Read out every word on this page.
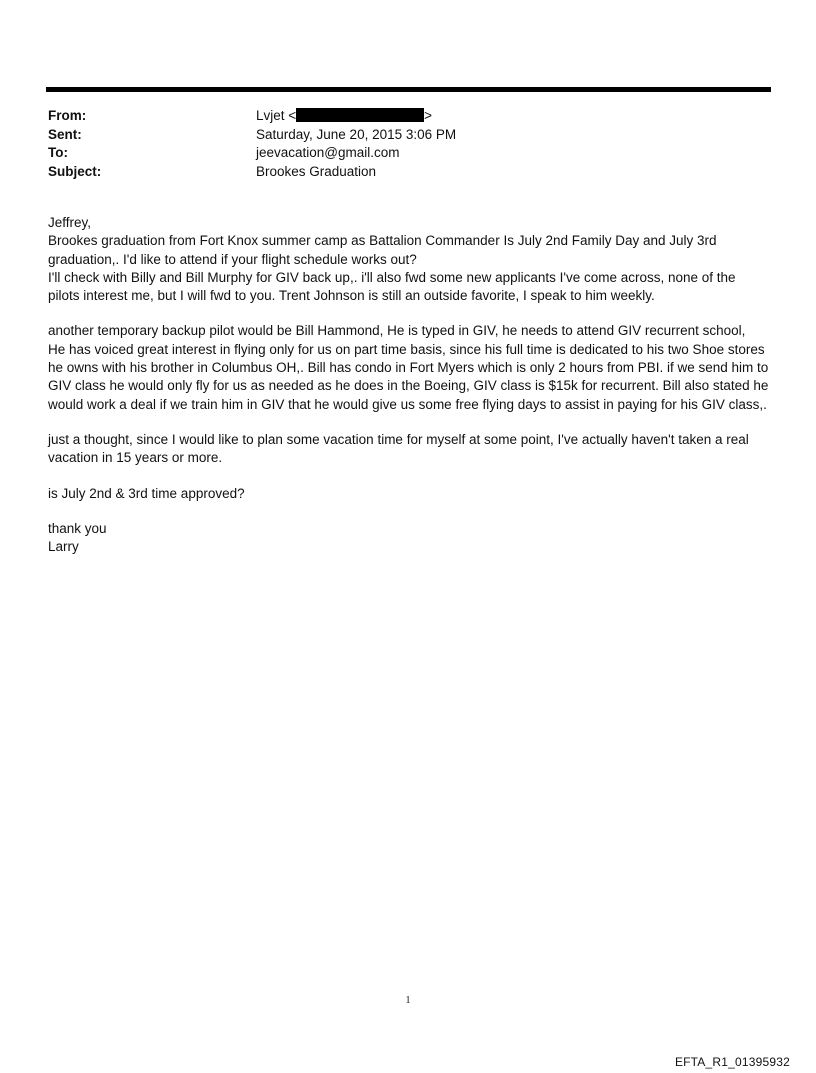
From:	Lvjet <	>
Sent:	Saturday, June 20, 2015 3:06 PM
To:	jeevacation@gmail.com
Subject:	Brookes Graduation

Jeffrey,
Brookes graduation from Fort Knox summer camp as Battalion Commander Is July 2nd Family Day and July 3rd
graduation,. I'd like to attend if your flight schedule works out?
I'll check with Billy and Bill Murphy for GIV back up,. i'll also fwd some new applicants I've come across, none of the
pilots interest me, but I will fwd to you. Trent Johnson is still an outside favorite, I speak to him weekly.

another temporary backup pilot would be Bill Hammond, He is typed in GIV, he needs to attend GIV recurrent school,
He has voiced great interest in flying only for us on part time basis, since his full time is dedicated to his two Shoe stores
he owns with his brother in Columbus OH,. Bill has condo in Fort Myers which is only 2 hours from PBI. if we send him to
GIV class he would only fly for us as needed as he does in the Boeing, GIV class is $15k for recurrent. Bill also stated he
would work a deal if we train him in GIV that he would give us some free flying days to assist in paying for his GIV class,.

just a thought, since I would like to plan some vacation time for myself at some point, I've actually haven't taken a real
vacation in 15 years or more.

is July 2nd & 3rd time approved?

thank you
Larry

1
EFTA_R1_01395932
